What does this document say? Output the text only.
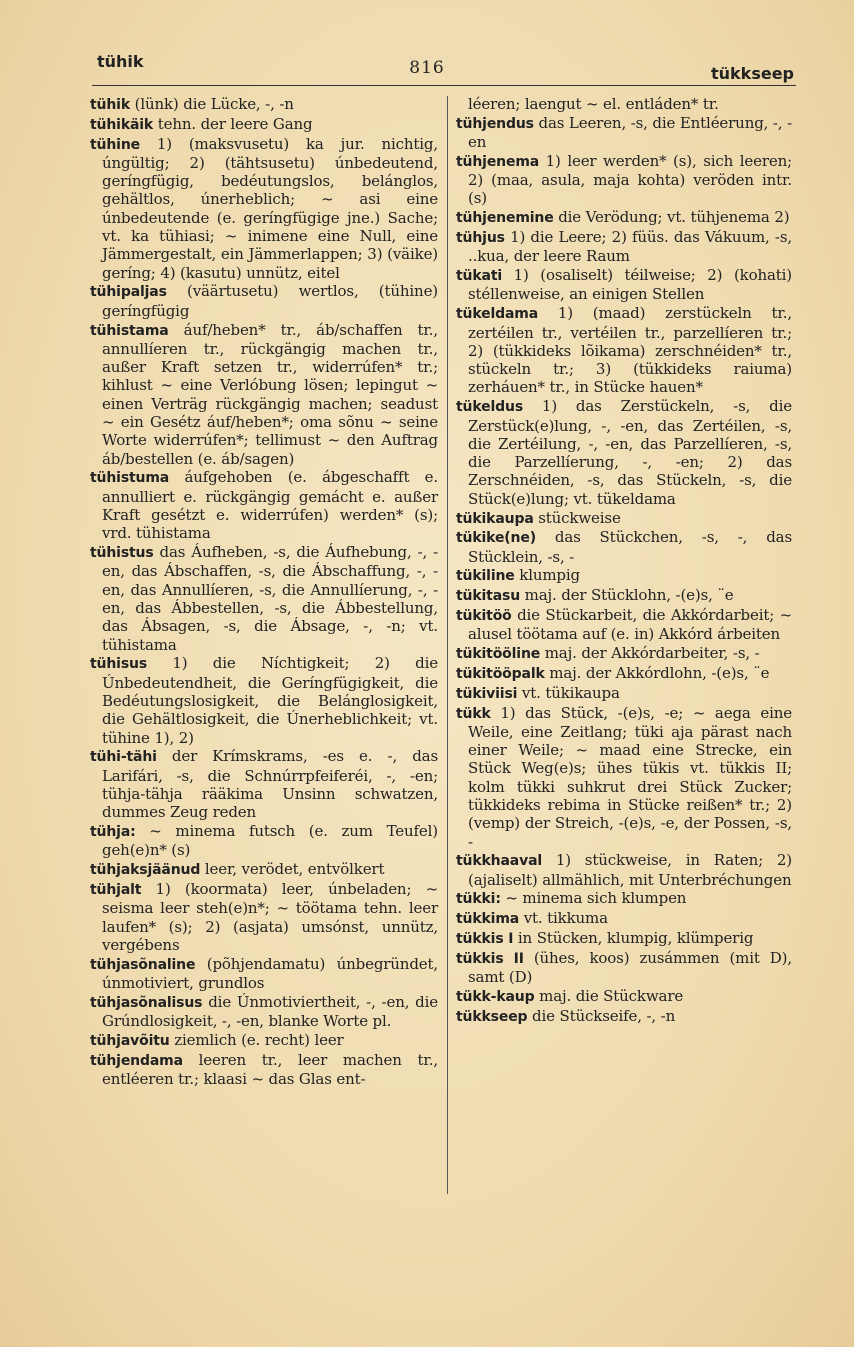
tühik	816	tükkseep

tühik (lünk) die Lücke, -, -n

tühikäik tehn. der leere Gang

tühine 1) (maksvusetu) ka jur. nichtig, úngültig; 2) (tähtsusetu) únbedeutend, geríngfügig, bedéutungslos, belánglos, gehältlos, únerheblich; ~ asi eine únbedeutende (e. geríngfügige jne.) Sache; vt. ka tühiasi; ~ inimene eine Null, eine Jämmergestalt, ein Jämmerlappen; 3) (väike) geríng; 4) (kasutu) unnütz, eitel

tühipaljas (väärtusetu) wertlos, (tühine) geríngfügig

tühistama áuf/heben* tr., áb/schaffen tr., annullíeren tr., rückgängig machen tr., außer Kraft setzen tr., widerrúfen* tr.; kihlust ~ eine Verlóbung lösen; lepingut ~ einen Verträg rückgängig machen; seadust ~ ein Gesétz áuf/heben*; oma sõnu ~ seine Worte widerrúfen*; tellimust ~ den Auftrag áb/bestellen (e. áb/sagen)

tühistuma áufgehoben (e. ábgeschafft e. annulliert e. rückgängig gemácht e. außer Kraft gesétzt e. widerrúfen) werden* (s); vrd. tühistama

tühistus das Áufheben, -s, die Áufhebung, -, -en, das Ábschaffen, -s, die Ábschaffung, -, -en, das Annullíeren, -s, die Annullíerung, -, -en, das Ábbestellen, -s, die Ábbestellung, das Ábsagen, -s, die Ábsage, -, -n; vt. tühistama

tühisus 1) die Níchtigkeit; 2) die Únbedeutendheit, die Geríngfügigkeit, die Bedéutungslosigkeit, die Belánglosigkeit, die Gehältlosigkeit, die Únerheblichkeit; vt. tühine 1), 2)

tühi-tähi der Krímskrams, -es e. -, das Larifári, -s, die Schnúrrpfeiferéi, -, -en; tühja-tähja rääkima Unsinn schwatzen, dummes Zeug reden

tühja: ~ minema futsch (e. zum Teufel) geh(e)n* (s)

tühjaksjäänud leer, verödet, entvölkert

tühjalt 1) (koormata) leer, únbeladen; ~ seisma leer steh(e)n*; ~ töötama tehn. leer laufen* (s); 2) (asjata) umsónst, unnütz, vergébens

tühjasõnaline (põhjendamatu) únbegründet, únmotiviert, grundlos

tühjasõnalisus die Únmotiviertheit, -, -en, die Grúndlosigkeit, -, -en, blanke Worte pl.

tühjavõitu ziemlich (e. recht) leer

tühjendama leeren tr., leer machen tr., entléeren tr.; klaasi ~ das Glas ent-

léeren; laengut ~ el. entláden* tr.

tühjendus das Leeren, -s, die Entléerung, -, -en

tühjenema 1) leer werden* (s), sich leeren; 2) (maa, asula, maja kohta) veröden intr. (s)

tühjenemine die Verödung; vt. tühjenema 2)

tühjus 1) die Leere; 2) füüs. das Vákuum, -s, ..kua, der leere Raum

tükati 1) (osaliselt) téilweise; 2) (kohati) stéllenweise, an einigen Stellen

tükeldama 1) (maad) zerstückeln tr., zertéilen tr., vertéilen tr., parzellíeren tr.; 2) (tükkideks lõikama) zerschnéiden* tr., stückeln tr.; 3) (tükkideks raiuma) zerháuen* tr., in Stücke hauen*

tükeldus 1) das Zerstückeln, -s, die Zerstück(e)lung, -, -en, das Zertéilen, -s, die Zertéilung, -, -en, das Parzellíeren, -s, die Parzellíerung, -, -en; 2) das Zerschnéiden, -s, das Stückeln, -s, die Stück(e)lung; vt. tükeldama

tükikaupa stückweise

tükike(ne) das Stückchen, -s, -, das Stücklein, -s, -

tükiline klumpig

tükitasu maj. der Stücklohn, -(e)s, ¨e

tükitöö die Stückarbeit, die Akkórdarbeit; ~ alusel töötama auf (e. in) Akkórd árbeiten

tükitööline maj. der Akkórdarbeiter, -s, -

tükitööpalk maj. der Akkórdlohn, -(e)s, ¨e

tükiviisi vt. tükikaupa

tükk 1) das Stück, -(e)s, -e; ~ aega eine Weile, eine Zeitlang; tüki aja pärast nach einer Weile; ~ maad eine Strecke, ein Stück Weg(e)s; ühes tükis vt. tükkis II; kolm tükki suhkrut drei Stück Zucker; tükkideks rebima in Stücke reißen* tr.; 2) (vemp) der Streich, -(e)s, -e, der Possen, -s, -

tükkhaaval 1) stückweise, in Raten; 2) (ajaliselt) allmählich, mit Unterbréchungen

tükki: ~ minema sich klumpen

tükkima vt. tikkuma

tükkis I in Stücken, klumpig, klümperig

tükkis II (ühes, koos) zusámmen (mit D), samt (D)

tükk-kaup maj. die Stückware

tükkseep die Stückseife, -, -n
